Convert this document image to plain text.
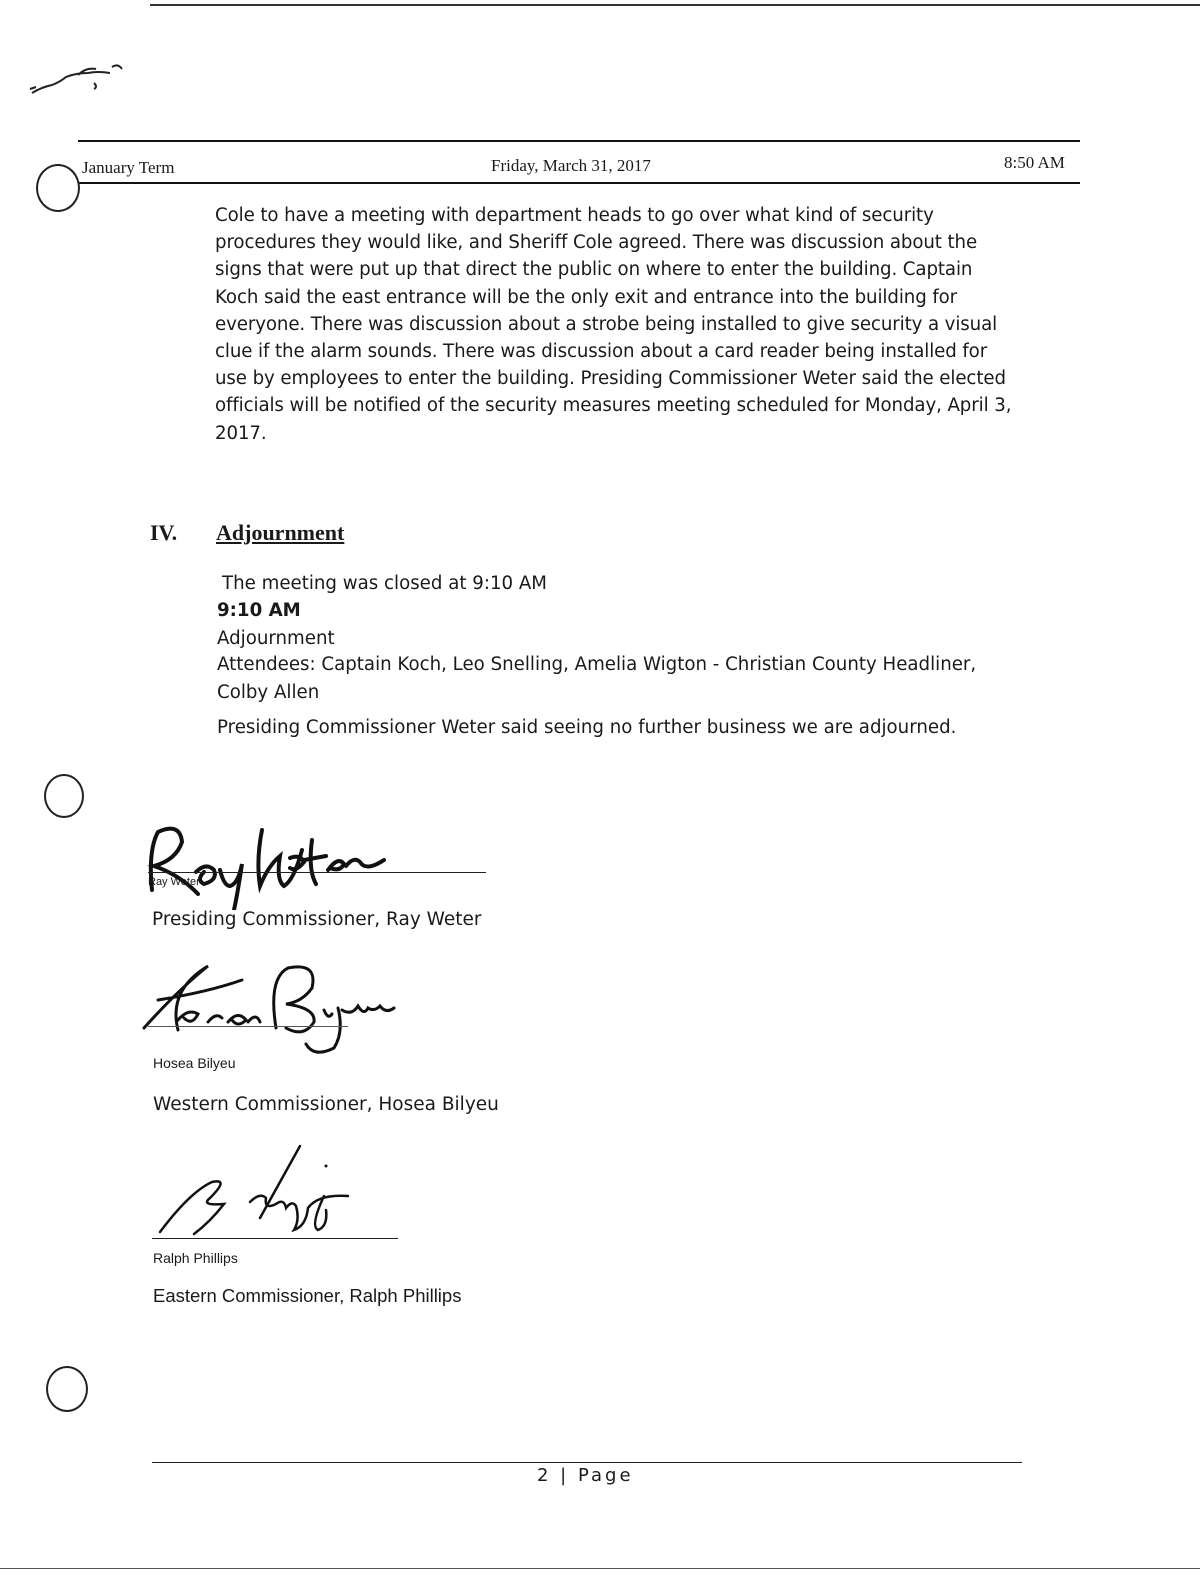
January Term	Friday, March 31, 2017	8:50 AM
Cole to have a meeting with department heads to go over what kind of security procedures they would like, and Sheriff Cole agreed. There was discussion about the signs that were put up that direct the public on where to enter the building. Captain Koch said the east entrance will be the only exit and entrance into the building for everyone. There was discussion about a strobe being installed to give security a visual clue if the alarm sounds. There was discussion about a card reader being installed for use by employees to enter the building. Presiding Commissioner Weter said the elected officials will be notified of the security measures meeting scheduled for Monday, April 3, 2017.
IV. Adjournment
The meeting was closed at 9:10 AM
9:10 AM
Adjournment
Attendees: Captain Koch, Leo Snelling, Amelia Wigton - Christian County Headliner,
Colby Allen
Presiding Commissioner Weter said seeing no further business we are adjourned.
Ray Weter
Presiding Commissioner, Ray Weter
Hosea Bilyeu
Western Commissioner, Hosea Bilyeu
Ralph Phillips
Eastern Commissioner, Ralph Phillips
2 | Page
